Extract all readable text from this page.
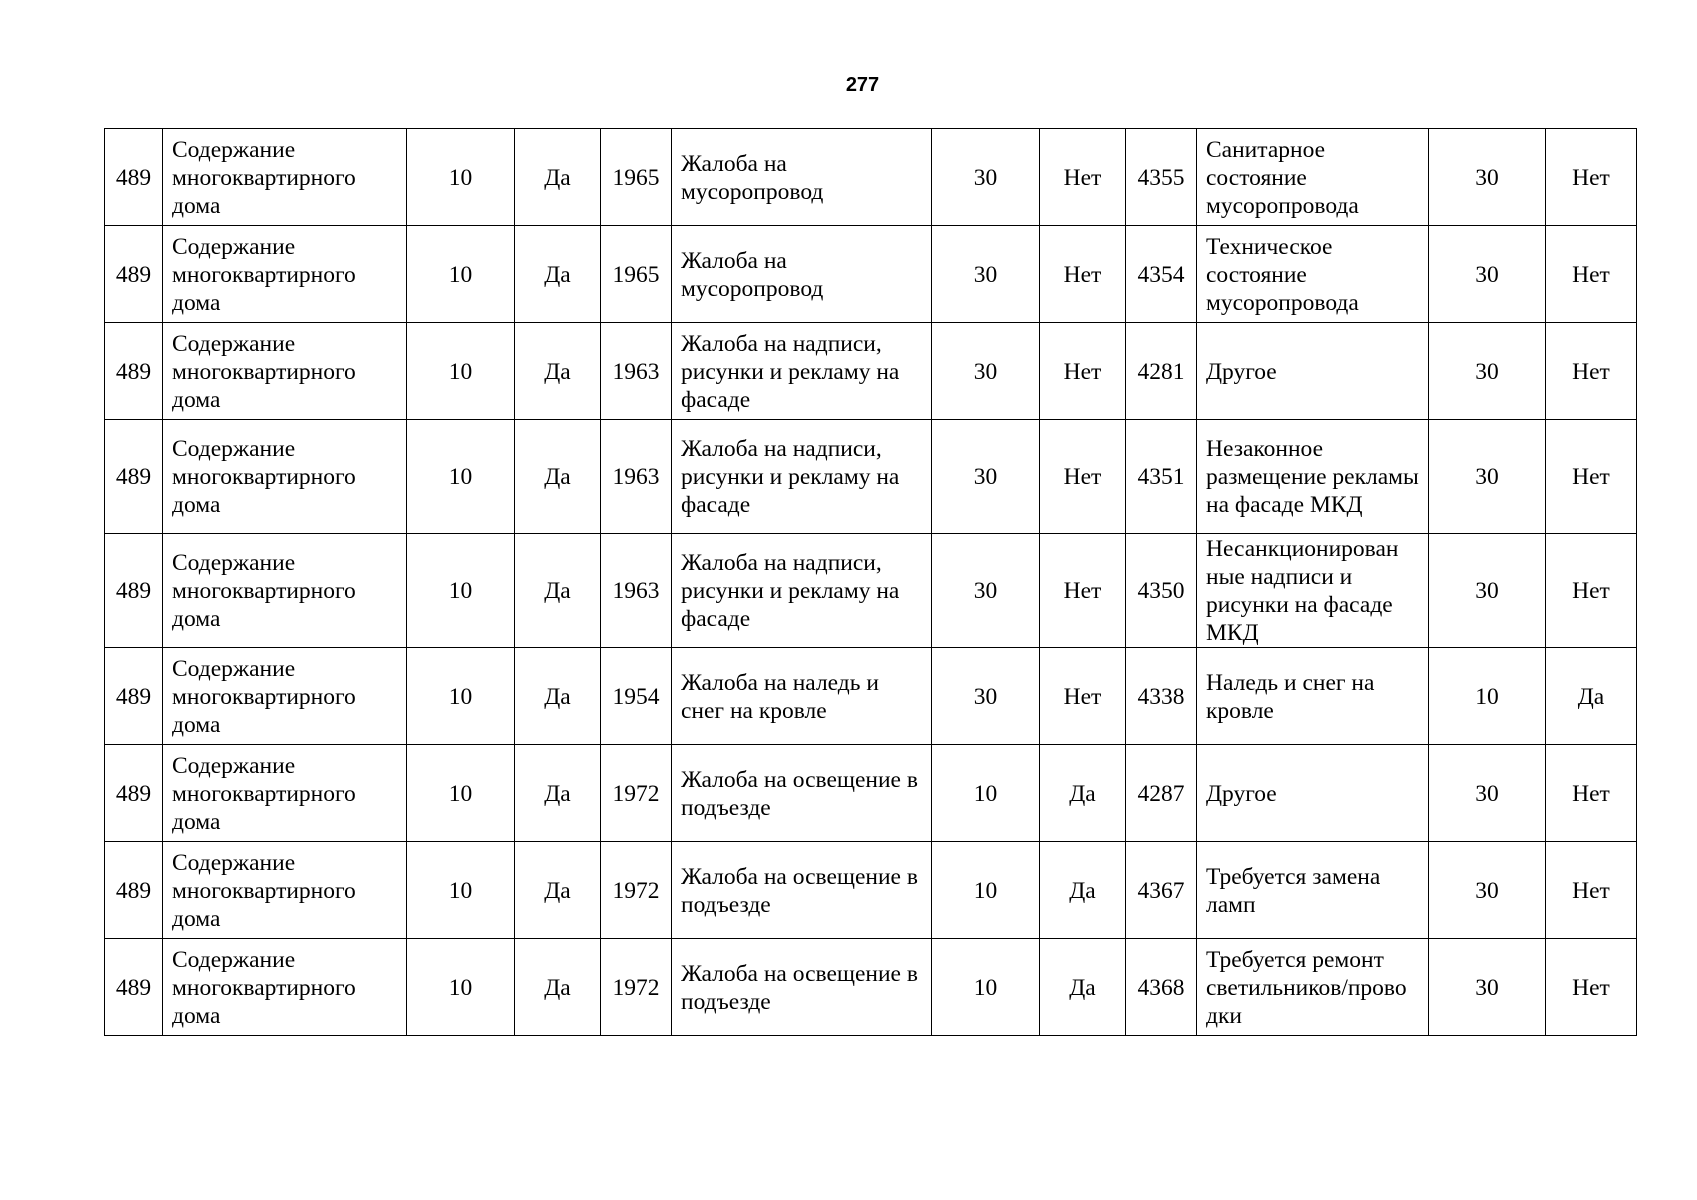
277
489	Содержание многоквартирного дома	10	Да	1965	Жалоба на мусоропровод	30	Нет	4355	Санитарное состояние мусоропровода	30	Нет
489	Содержание многоквартирного дома	10	Да	1965	Жалоба на мусоропровод	30	Нет	4354	Техническое состояние мусоропровода	30	Нет
489	Содержание многоквартирного дома	10	Да	1963	Жалоба на надписи, рисунки и рекламу на фасаде	30	Нет	4281	Другое	30	Нет
489	Содержание многоквартирного дома	10	Да	1963	Жалоба на надписи, рисунки и рекламу на фасаде	30	Нет	4351	Незаконное размещение рекламы на фасаде МКД	30	Нет
489	Содержание многоквартирного дома	10	Да	1963	Жалоба на надписи, рисунки и рекламу на фасаде	30	Нет	4350	Несанкционирован ные надписи и рисунки на фасаде МКД	30	Нет
489	Содержание многоквартирного дома	10	Да	1954	Жалоба на наледь и снег на кровле	30	Нет	4338	Наледь и снег на кровле	10	Да
489	Содержание многоквартирного дома	10	Да	1972	Жалоба на освещение в подъезде	10	Да	4287	Другое	30	Нет
489	Содержание многоквартирного дома	10	Да	1972	Жалоба на освещение в подъезде	10	Да	4367	Требуется замена ламп	30	Нет
489	Содержание многоквартирного дома	10	Да	1972	Жалоба на освещение в подъезде	10	Да	4368	Требуется ремонт светильников/прово дки	30	Нет
